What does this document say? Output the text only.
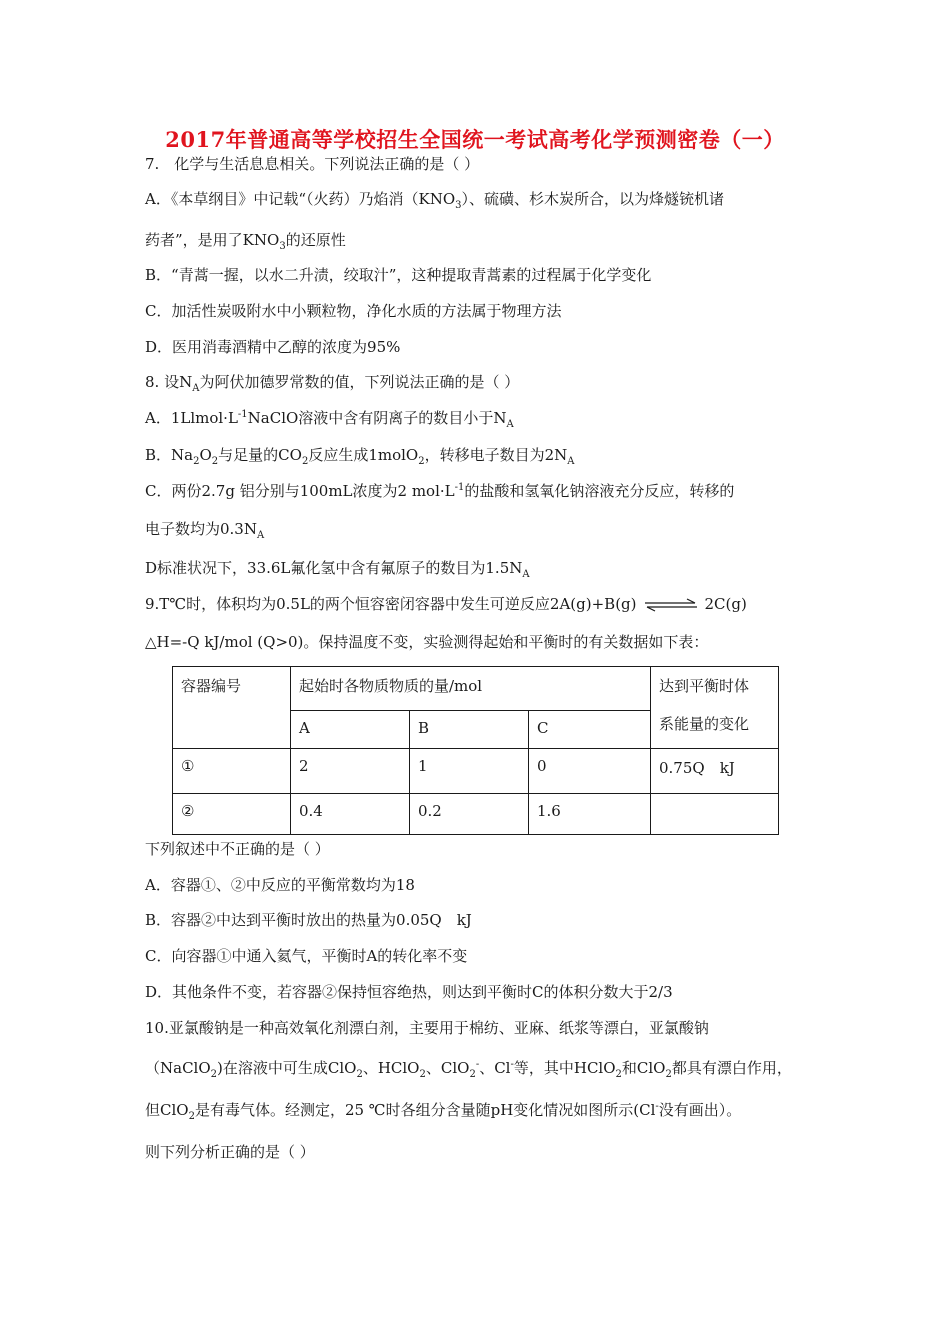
2017年普通高等学校招生全国统一考试高考化学预测密卷（一）
7.　化学与生活息息相关。下列说法正确的是（ ）
A．《本草纲目》中记载“（火药）乃焰消$(KNO_3)$、硫磺、杉木炭所合，以为烽燧铳机诸
药者”，是用了$KNO_3$的还原性
B．“青蒿一握，以水二升渍，绞取汁”，这种提取青蒿素的过程属于化学变化
C．加活性炭吸附水中小颗粒物，净化水质的方法属于物理方法
D．医用消毒酒精中乙醇的浓度为95%
8. 设$N_A$为阿伏加德罗常数的值，下列说法正确的是（ ）
A．$1Llmol\cdot L^{-1}NaClO$溶液中含有阴离子的数目小于$N_A$
B．$Na_2O_2$与足量的$CO_2$反应生成1molO$_2$，转移电子数目为$2N_A$
C．两份2.7g 铝分别与100mL浓度为2 $mol\cdot L^{-1}$的盐酸和氢氧化钠溶液充分反应，转移的
电子数均为$0.3N_A$
D标准状况下，33.6L氟化氢中含有氟原子的数目为$1.5N_A$
9.T℃时，体积均为0.5L的两个恒容密闭容器中发生可逆反应2A(g)+B(g) ⇌ 2C(g)
△H=-Q kJ/mol (Q>0)。保持温度不变，实验测得起始和平衡时的有关数据如下表：
容器编号	起始时各物质物质的量/mol			达到平衡时体
系能量的变化
	A	B	C	
①	2	1	0	0.75Q　kJ
②	0.4	0.2	1.6	
下列叙述中不正确的是（ ）
A．容器①、②中反应的平衡常数均为18
B．容器②中达到平衡时放出的热量为0.05Q　kJ
C．向容器①中通入氦气，平衡时A的转化率不变
D．其他条件不变，若容器②保持恒容绝热，则达到平衡时C的体积分数大于2/3
10.亚氯酸钠是一种高效氧化剂漂白剂，主要用于棉纺、亚麻、纸浆等漂白，亚氯酸钠
（NaClO$_2$)在溶液中可生成ClO$_2$、HClO$_2$、ClO$_2$-、Cl-等，其中HClO$_2$和ClO$_2$都具有漂白作用，
但ClO$_2$是有毒气体。经测定，25 ℃时各组分含量随pH变化情况如图所示(Cl-没有画出）。
则下列分析正确的是（ ）
